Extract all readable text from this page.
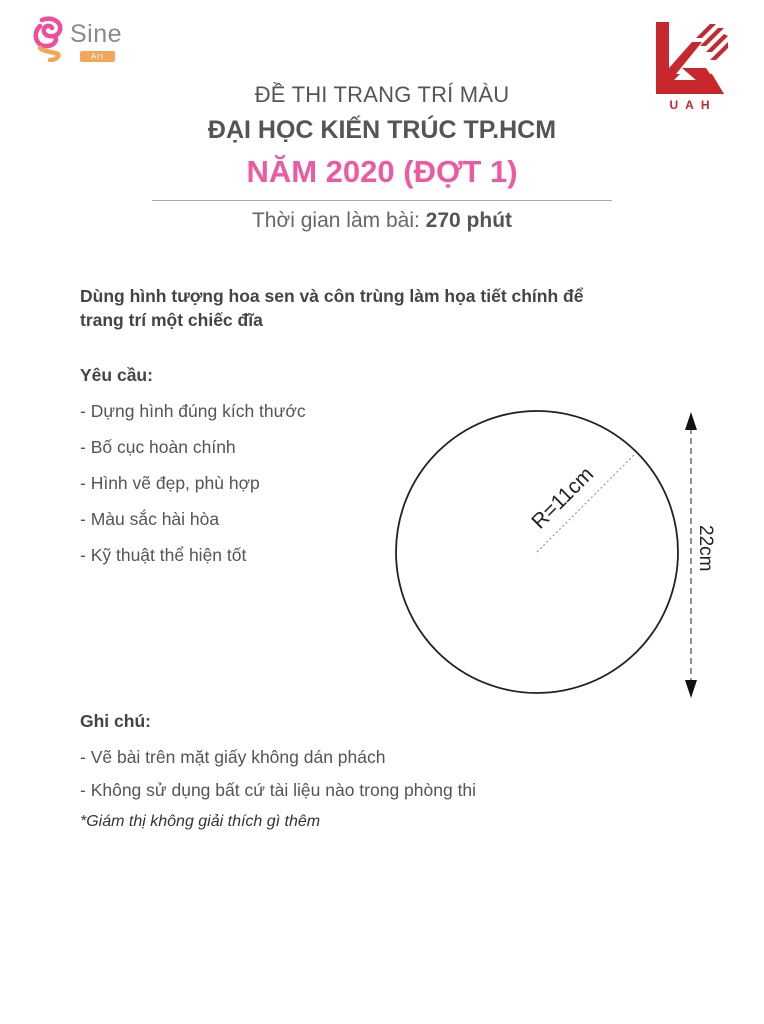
Sine
Art
UAH
ĐỀ THI TRANG TRÍ MÀU
ĐẠI HỌC KIẾN TRÚC TP.HCM
NĂM 2020 (ĐỢT 1)
Thời gian làm bài: 270 phút
Dùng hình tượng hoa sen và côn trùng làm họa tiết chính để
trang trí một chiếc đĩa
Yêu cầu:
- Dựng hình đúng kích thước
- Bố cục hoàn chính
- Hình vẽ đẹp, phù hợp
- Màu sắc hài hòa
- Kỹ thuật thể hiện tốt
R=11cm
22cm
Ghi chú:
- Vẽ bài trên mặt giấy không dán phách
- Không sử dụng bất cứ tài liệu nào trong phòng thi
*Giám thị không giải thích gì thêm
